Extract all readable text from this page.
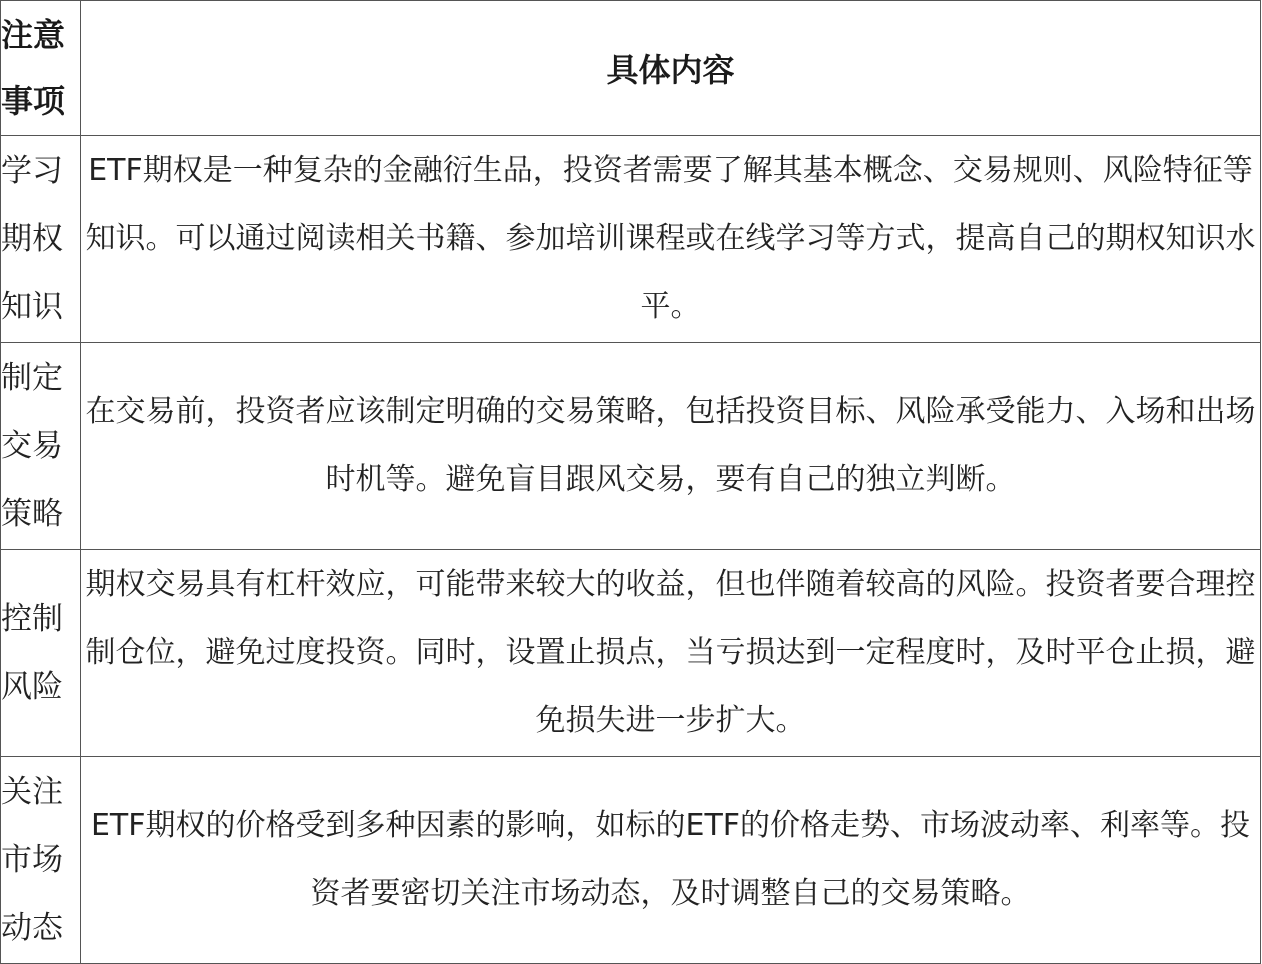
注意事项	具体内容

学习期权知识	ETF期权是一种复杂的金融衍生品，投资者需要了解其基本概念、交易规则、风险特征等知识。可以通过阅读相关书籍、参加培训课程或在线学习等方式，提高自己的期权知识水平。

制定交易策略	在交易前，投资者应该制定明确的交易策略，包括投资目标、风险承受能力、入场和出场时机等。避免盲目跟风交易，要有自己的独立判断。

控制风险	期权交易具有杠杆效应，可能带来较大的收益，但也伴随着较高的风险。投资者要合理控制仓位，避免过度投资。同时，设置止损点，当亏损达到一定程度时，及时平仓止损，避免损失进一步扩大。

关注市场动态	ETF期权的价格受到多种因素的影响，如标的ETF的价格走势、市场波动率、利率等。投资者要密切关注市场动态，及时调整自己的交易策略。
